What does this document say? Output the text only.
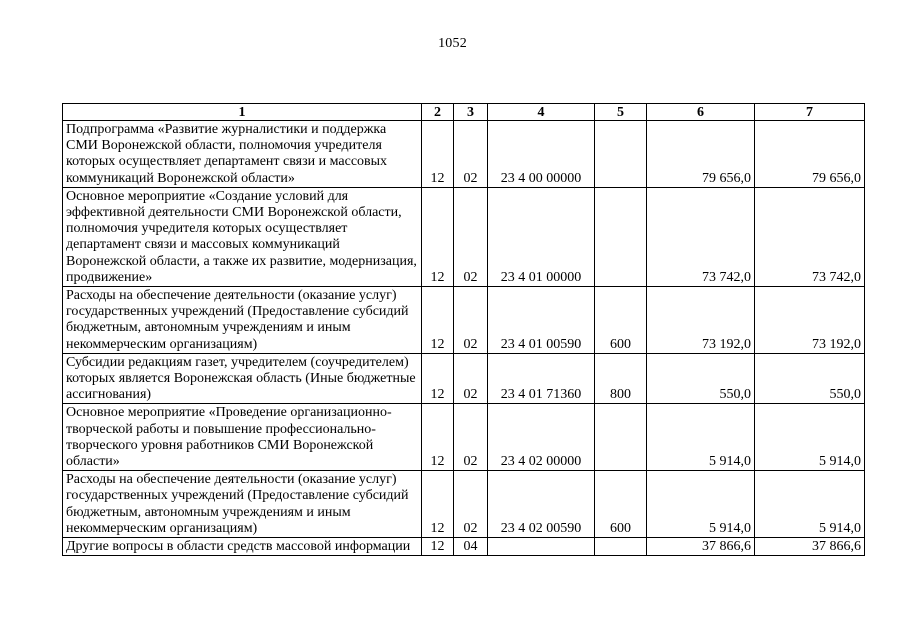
1052
1	2	3	4	5	6	7
Подпрограмма «Развитие журналистики и поддержка СМИ Воронежской области, полномочия учредителя которых осуществляет департамент связи и массовых коммуникаций Воронежской области»	12	02	23 4 00 00000		79 656,0	79 656,0
Основное мероприятие «Создание условий для эффективной деятельности СМИ Воронежской области, полномочия учредителя которых осуществляет департамент связи и массовых коммуникаций Воронежской области, а также их развитие, модернизация, продвижение»	12	02	23 4 01 00000		73 742,0	73 742,0
Расходы на обеспечение деятельности (оказание услуг) государственных учреждений (Предоставление субсидий бюджетным, автономным учреждениям и иным некоммерческим организациям)	12	02	23 4 01 00590	600	73 192,0	73 192,0
Субсидии редакциям газет, учредителем (соучредителем) которых является Воронежская область (Иные бюджетные ассигнования)	12	02	23 4 01 71360	800	550,0	550,0
Основное мероприятие «Проведение организационно-творческой работы и повышение профессионально-творческого уровня работников СМИ Воронежской области»	12	02	23 4 02 00000		5 914,0	5 914,0
Расходы на обеспечение деятельности (оказание услуг) государственных учреждений (Предоставление субсидий бюджетным, автономным учреждениям и иным некоммерческим организациям)	12	02	23 4 02 00590	600	5 914,0	5 914,0
Другие вопросы в области средств массовой информации	12	04			37 866,6	37 866,6
